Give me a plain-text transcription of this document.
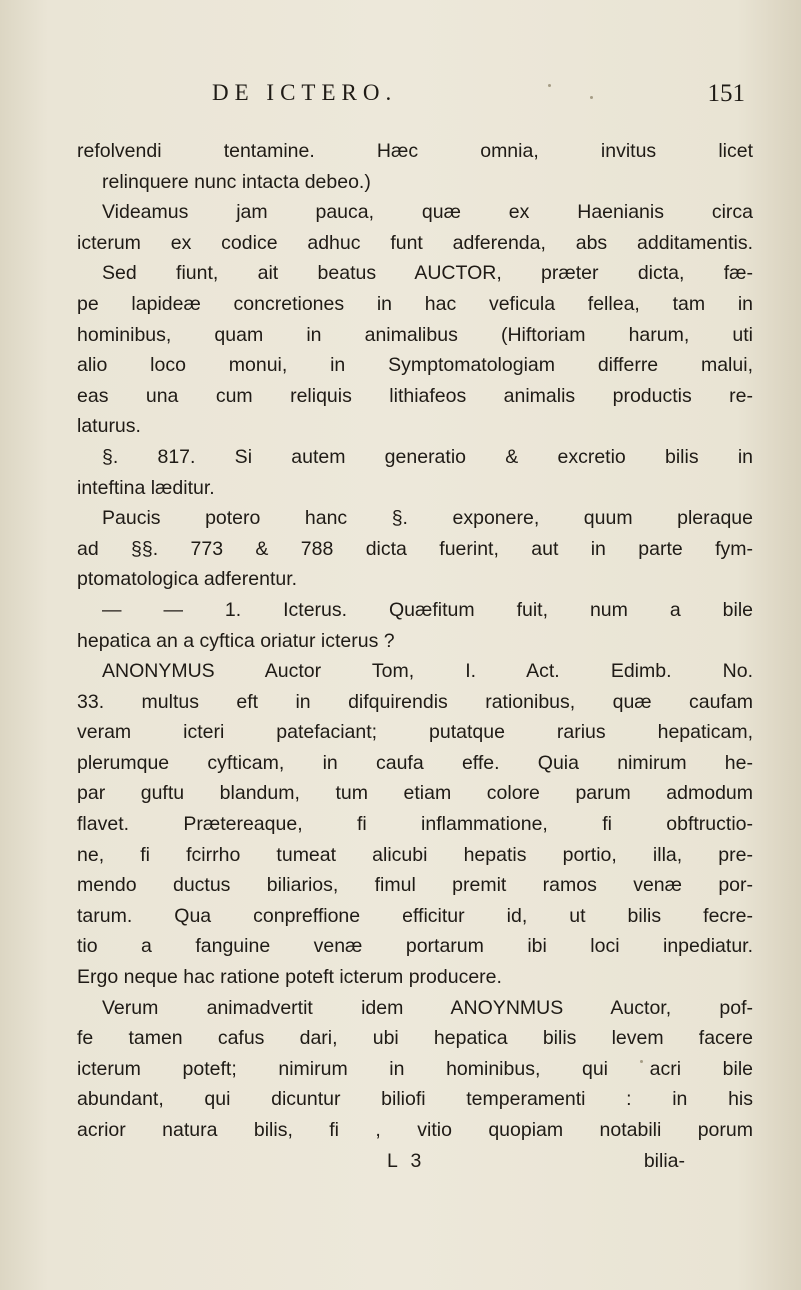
DE ICTERO.	151
refolvendi tentamine. Hæc omnia, invitus licet
relinquere nunc intacta debeo.)
Videamus jam pauca, quæ ex Haenianis circa
icterum ex codice adhuc funt adferenda, abs additamentis.
Sed fiunt, ait beatus AUCTOR, præter dicta, fæ-
pe lapideæ concretiones in hac veficula fellea, tam in
hominibus, quam in animalibus (Hiftoriam harum, uti
alio loco monui, in Symptomatologiam differre malui,
eas una cum reliquis lithiafeos animalis productis re-
laturus.
§. 817. Si autem generatio & excretio bilis in
inteftina læditur.
Paucis potero hanc §. exponere, quum pleraque
ad §§. 773 & 788 dicta fuerint, aut in parte fym-
ptomatologica adferentur.
— — 1. Icterus. Quæfitum fuit, num a bile
hepatica an a cyftica oriatur icterus ?
ANONYMUS Auctor Tom, I. Act. Edimb. No.
33. multus eft in difquirendis rationibus, quæ caufam
veram icteri patefaciant; putatque rarius hepaticam,
plerumque cyfticam, in caufa effe. Quia nimirum he-
par guftu blandum, tum etiam colore parum admodum
flavet. Prætereaque, fi inflammatione, fi obftructio-
ne, fi fcirrho tumeat alicubi hepatis portio, illa, pre-
mendo ductus biliarios, fimul premit ramos venæ por-
tarum. Qua conpreffione efficitur id, ut bilis fecre-
tio a fanguine venæ portarum ibi loci inpediatur.
Ergo neque hac ratione poteft icterum producere.
Verum animadvertit idem ANOYNMUS Auctor, pof-
fe tamen cafus dari, ubi hepatica bilis levem facere
icterum poteft; nimirum in hominibus, qui acri bile
abundant, qui dicuntur biliofi temperamenti : in his
acrior natura bilis, fi , vitio quopiam notabili porum
L 3	bilia-
